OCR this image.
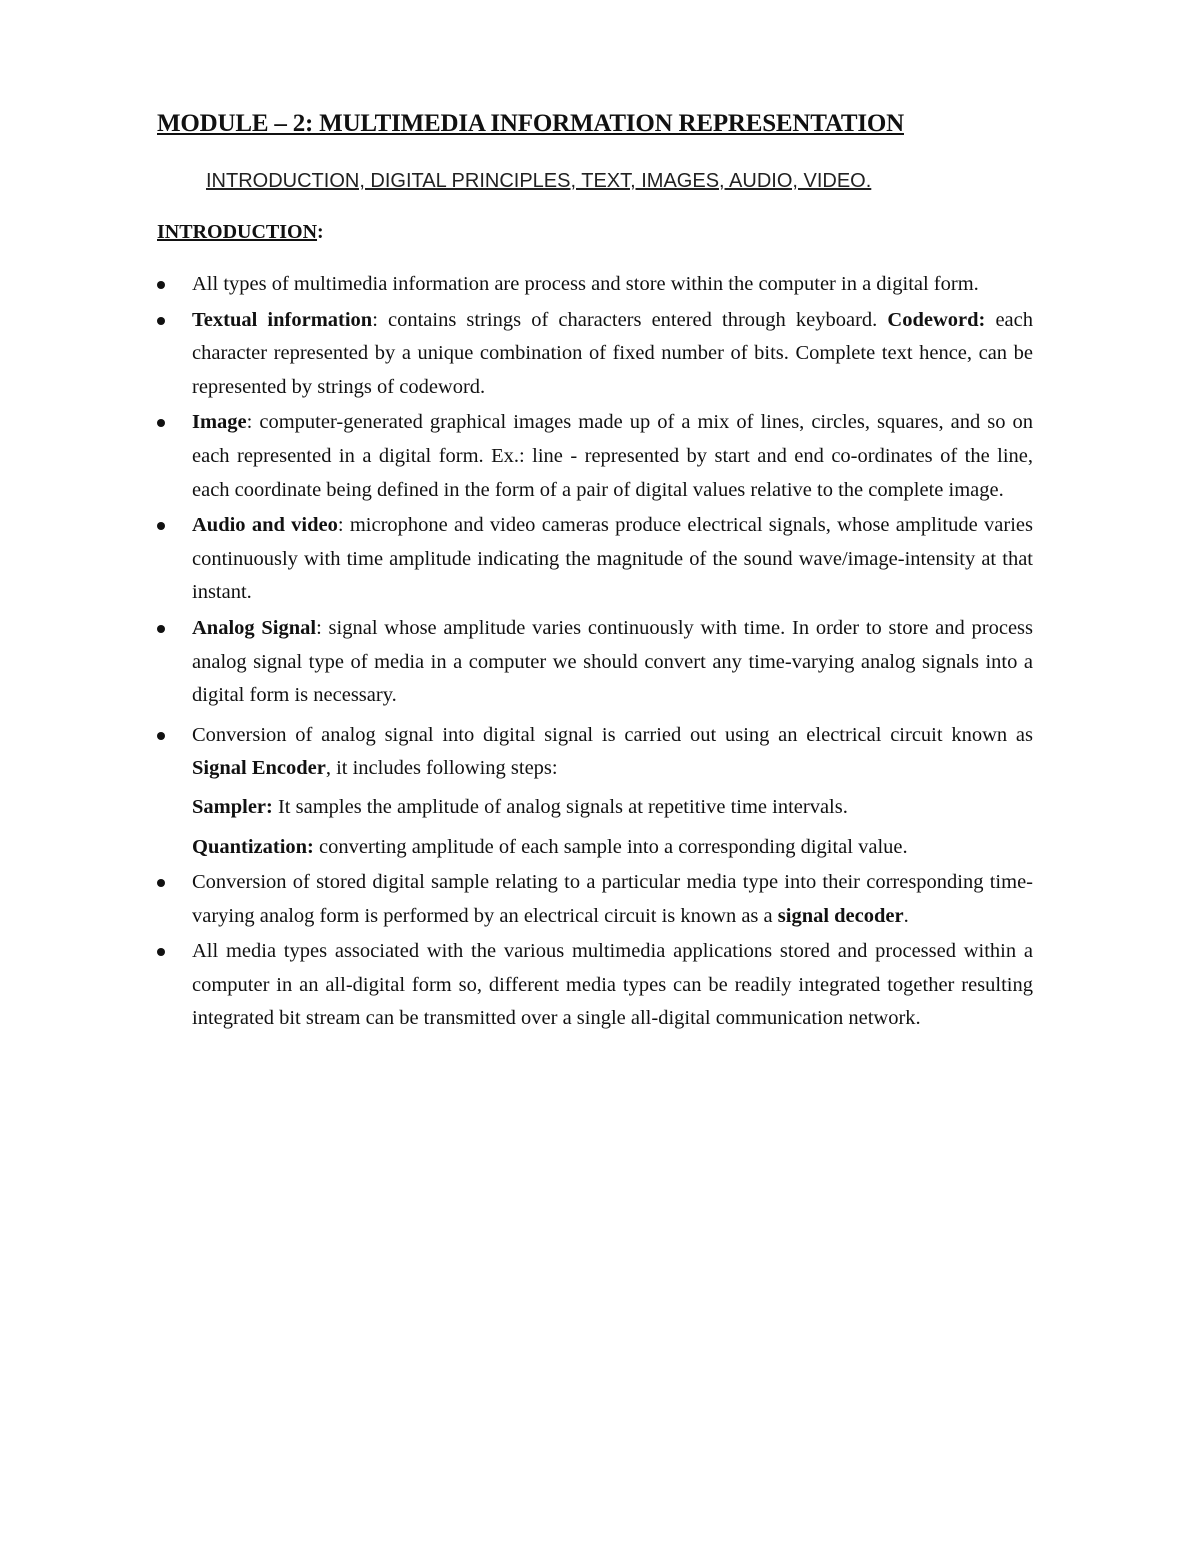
MODULE – 2: MULTIMEDIA INFORMATION REPRESENTATION
INTRODUCTION, DIGITAL PRINCIPLES, TEXT, IMAGES, AUDIO, VIDEO.
INTRODUCTION:
All types of multimedia information are process and store within the computer in a digital form.
Textual information: contains strings of characters entered through keyboard. Codeword: each character represented by a unique combination of fixed number of bits. Complete text hence, can be represented by strings of codeword.
Image: computer-generated graphical images made up of a mix of lines, circles, squares, and so on each represented in a digital form. Ex.: line - represented by start and end co-ordinates of the line, each coordinate being defined in the form of a pair of digital values relative to the complete image.
Audio and video: microphone and video cameras produce electrical signals, whose amplitude varies continuously with time amplitude indicating the magnitude of the sound wave/image-intensity at that instant.
Analog Signal: signal whose amplitude varies continuously with time. In order to store and process analog signal type of media in a computer we should convert any time-varying analog signals into a digital form is necessary.
Conversion of analog signal into digital signal is carried out using an electrical circuit known as Signal Encoder, it includes following steps:
Sampler: It samples the amplitude of analog signals at repetitive time intervals.
Quantization: converting amplitude of each sample into a corresponding digital value.
Conversion of stored digital sample relating to a particular media type into their corresponding time-varying analog form is performed by an electrical circuit is known as a signal decoder.
All media types associated with the various multimedia applications stored and processed within a computer in an all-digital form so, different media types can be readily integrated together resulting integrated bit stream can be transmitted over a single all-digital communication network.
